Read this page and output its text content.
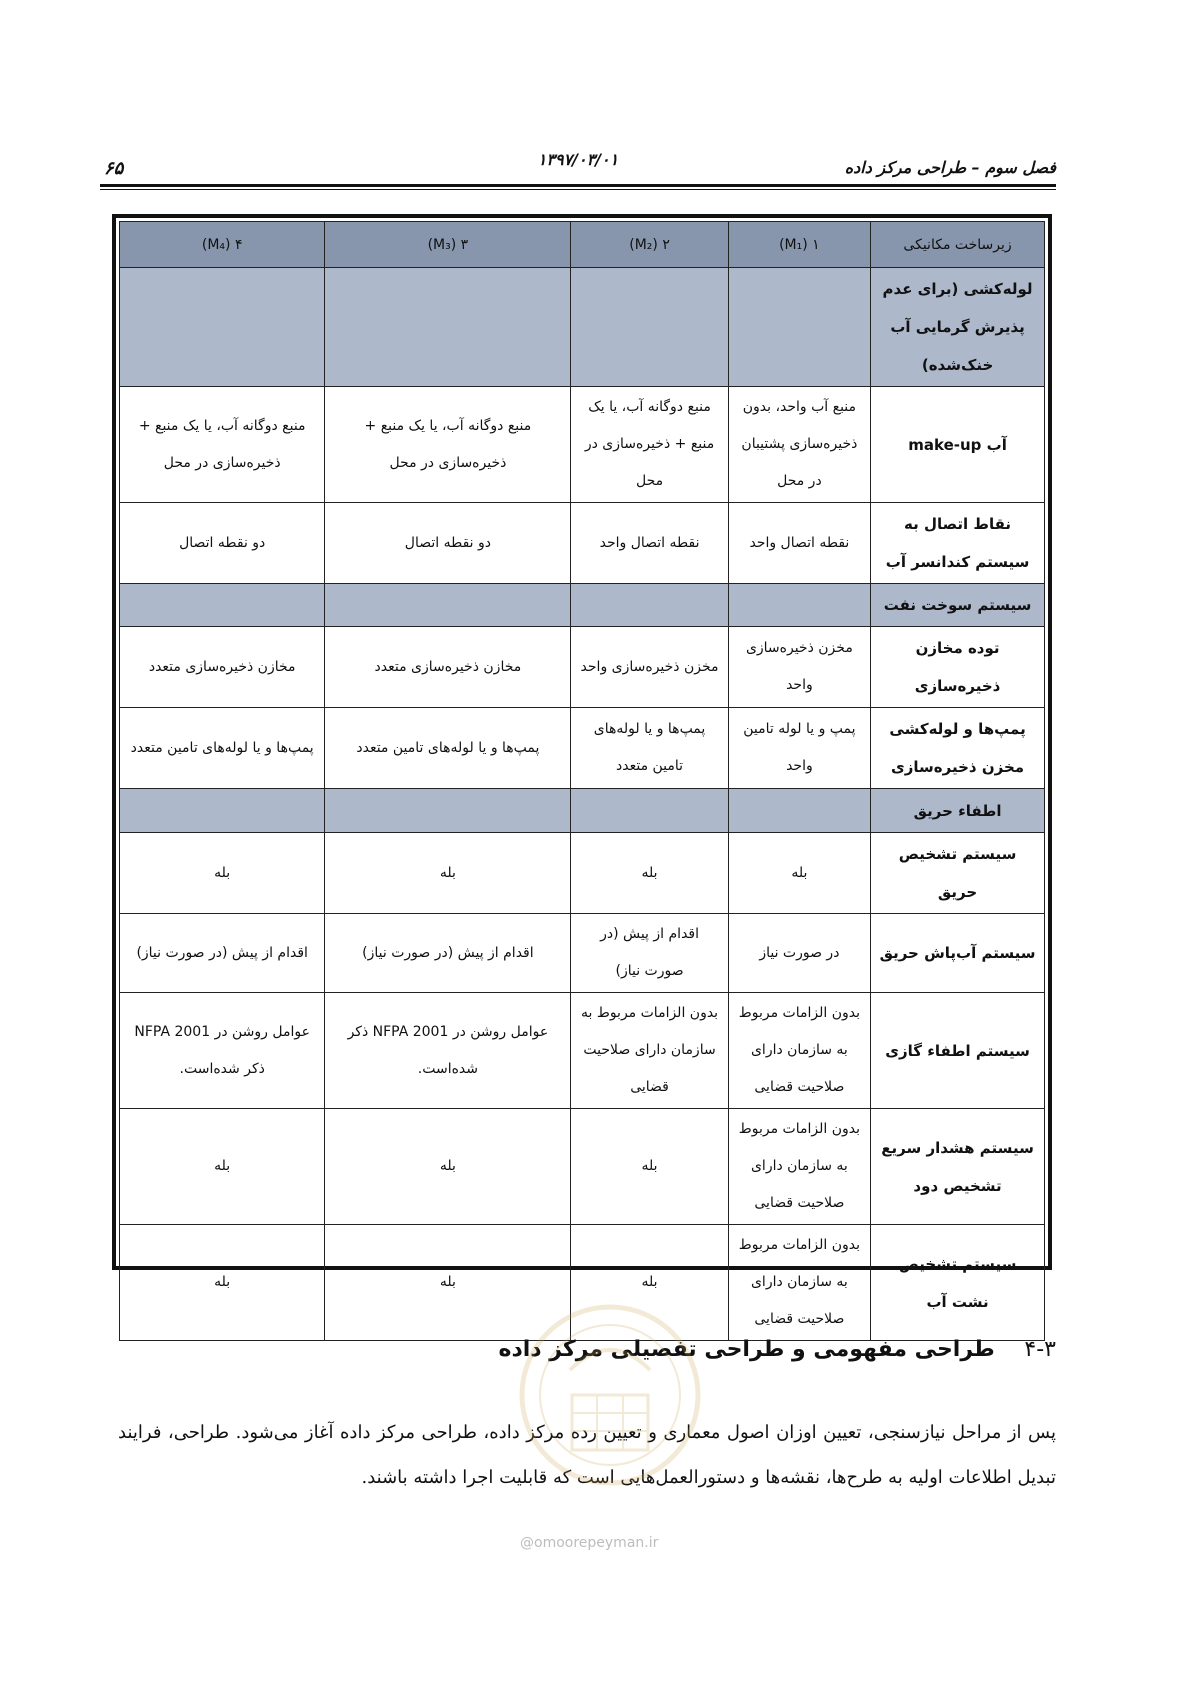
فصل سوم – طراحی مرکز داده
۱۳۹۷/۰۳/۰۱
۶۵
زیرساخت مکانیکی	۱ (M₁)	۲ (M₂)	۳ (M₃)	۴ (M₄)
لوله‌کشی (برای عدم پذیرش گرمایی آب خنک‌شده)				
آب make-up	منبع آب واحد، بدون ذخیره‌سازی پشتیبان در محل	منبع دوگانه آب، یا یک منبع + ذخیره‌سازی در محل	منبع دوگانه آب، یا یک منبع + ذخیره‌سازی در محل	منبع دوگانه آب، یا یک منبع + ذخیره‌سازی در محل
نقاط اتصال به سیستم کندانسر آب	نقطه اتصال واحد	نقطه اتصال واحد	دو نقطه اتصال	دو نقطه اتصال
سیستم سوخت نفت				
توده مخازن ذخیره‌سازی	مخزن ذخیره‌سازی واحد	مخزن ذخیره‌سازی واحد	مخازن ذخیره‌سازی متعدد	مخازن ذخیره‌سازی متعدد
پمپ‌ها و لوله‌کشی مخزن ذخیره‌سازی	پمپ و یا لوله تامین واحد	پمپ‌ها و یا لوله‌های تامین متعدد	پمپ‌ها و یا لوله‌های تامین متعدد	پمپ‌ها و یا لوله‌های تامین متعدد
اطفاء حریق				
سیستم تشخیص حریق	بله	بله	بله	بله
سیستم آب‌پاش حریق	در صورت نیاز	اقدام از پیش (در صورت نیاز)	اقدام از پیش (در صورت نیاز)	اقدام از پیش (در صورت نیاز)
سیستم اطفاء گازی	بدون الزامات مربوط به سازمان دارای صلاحیت قضایی	بدون الزامات مربوط به سازمان دارای صلاحیت قضایی	عوامل روشن در NFPA 2001 ذکر شده‌است.	عوامل روشن در NFPA 2001 ذکر شده‌است.
سیستم هشدار سریع تشخیص دود	بدون الزامات مربوط به سازمان دارای صلاحیت قضایی	بله	بله	بله
سیستم تشخیص نشت آب	بدون الزامات مربوط به سازمان دارای صلاحیت قضایی	بله	بله	بله
۴-۳ طراحی مفهومی و طراحی تفصیلی مرکز داده
پس از مراحل نیازسنجی، تعیین اوزان اصول معماری و تعیین رده مرکز داده، طراحی مرکز داده آغاز می‌شود. طراحی، فرایند تبدیل اطلاعات اولیه به طرح‌ها، نقشه‌ها و دستورالعمل‌هایی است که قابلیت اجرا داشته باشند.
@omoorepeyman.ir
